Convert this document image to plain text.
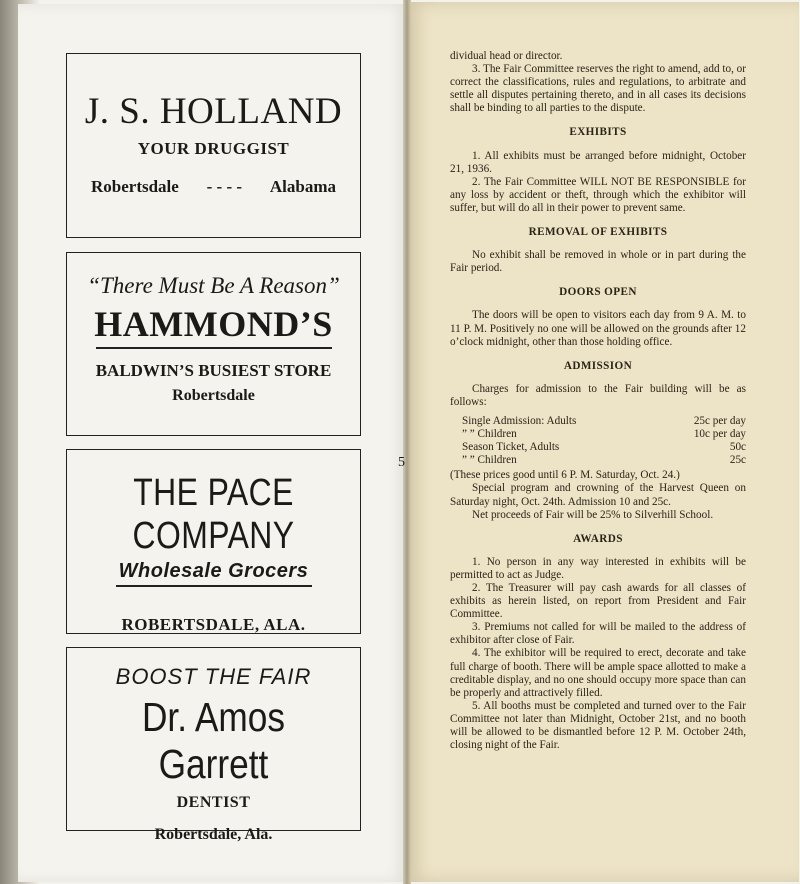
J. S. HOLLAND
YOUR DRUGGIST
Robertsdale - - - - Alabama
“There Must Be A Reason”
HAMMOND’S
BALDWIN’S BUSIEST STORE
Robertsdale
THE PACE COMPANY
Wholesale Grocers
ROBERTSDALE, ALA.
BOOST THE FAIR
Dr. Amos Garrett
DENTIST
Robertsdale, Ala.
5

dividual head or director.

3. The Fair Committee reserves the right to amend, add to, or correct the classifications, rules and regulations, to arbitrate and settle all disputes pertaining thereto, and in all cases its decisions shall be binding to all parties to the dispute.

EXHIBITS

1. All exhibits must be arranged before midnight, October 21, 1936.

2. The Fair Committee WILL NOT BE RESPONSIBLE for any loss by accident or theft, through which the exhibitor will suffer, but will do all in their power to prevent same.

REMOVAL OF EXHIBITS

No exhibit shall be removed in whole or in part during the Fair period.

DOORS OPEN

The doors will be open to visitors each day from 9 A. M. to 11 P. M. Positively no one will be allowed on the grounds after 12 o’clock midnight, other than those holding office.

ADMISSION

Charges for admission to the Fair building will be as follows:

Single Admission: Adults	25c per day
” ” Children	10c per day
Season Ticket, Adults	50c
” ” Children	25c

(These prices good until 6 P. M. Saturday, Oct. 24.)

Special program and crowning of the Harvest Queen on Saturday night, Oct. 24th. Admission 10 and 25c.

Net proceeds of Fair will be 25% to Silverhill School.

AWARDS

1. No person in any way interested in exhibits will be permitted to act as Judge.

2. The Treasurer will pay cash awards for all classes of exhibits as herein listed, on report from President and Fair Committee.

3. Premiums not called for will be mailed to the address of exhibitor after close of Fair.

4. The exhibitor will be required to erect, decorate and take full charge of booth. There will be ample space allotted to make a creditable display, and no one should occupy more space than can be properly and attractively filled.

5. All booths must be completed and turned over to the Fair Committee not later than Midnight, October 21st, and no booth will be allowed to be dismantled before 12 P. M. October 24th, closing night of the Fair.
